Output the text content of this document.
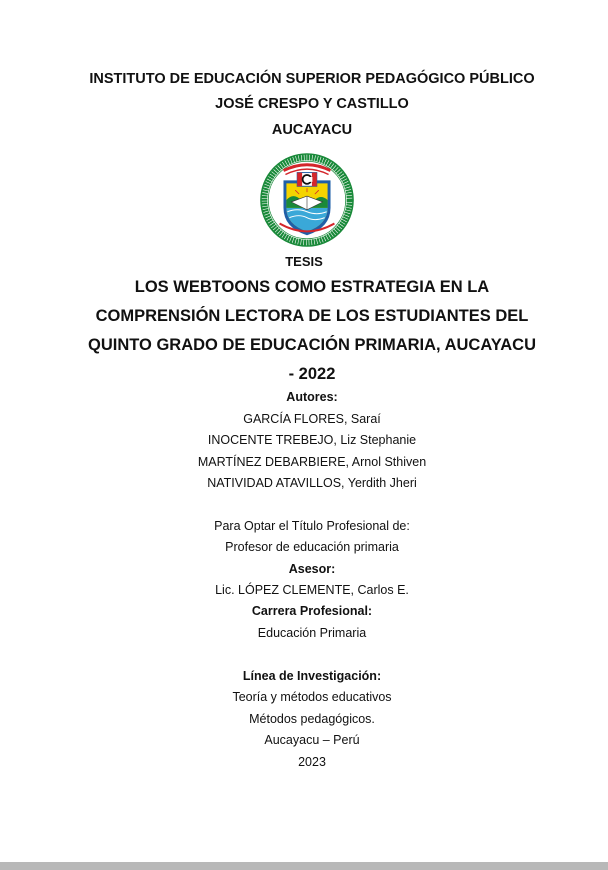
INSTITUTO DE EDUCACIÓN SUPERIOR PEDAGÓGICO PÚBLICO
JOSÉ CRESPO Y CASTILLO
AUCAYACU
TESIS
LOS WEBTOONS COMO ESTRATEGIA EN LA
COMPRENSIÓN LECTORA DE LOS ESTUDIANTES DEL
QUINTO GRADO DE EDUCACIÓN PRIMARIA, AUCAYACU
- 2022
Autores:
GARCÍA FLORES, Saraí
INOCENTE TREBEJO, Liz Stephanie
MARTÍNEZ DEBARBIERE, Arnol Sthiven
NATIVIDAD ATAVILLOS, Yerdith Jheri
Para Optar el Título Profesional de:
Profesor de educación primaria
Asesor:
Lic. LÓPEZ CLEMENTE, Carlos E.
Carrera Profesional:
Educación Primaria
Línea de Investigación:
Teoría y métodos educativos
Métodos pedagógicos.
Aucayacu – Perú
2023
